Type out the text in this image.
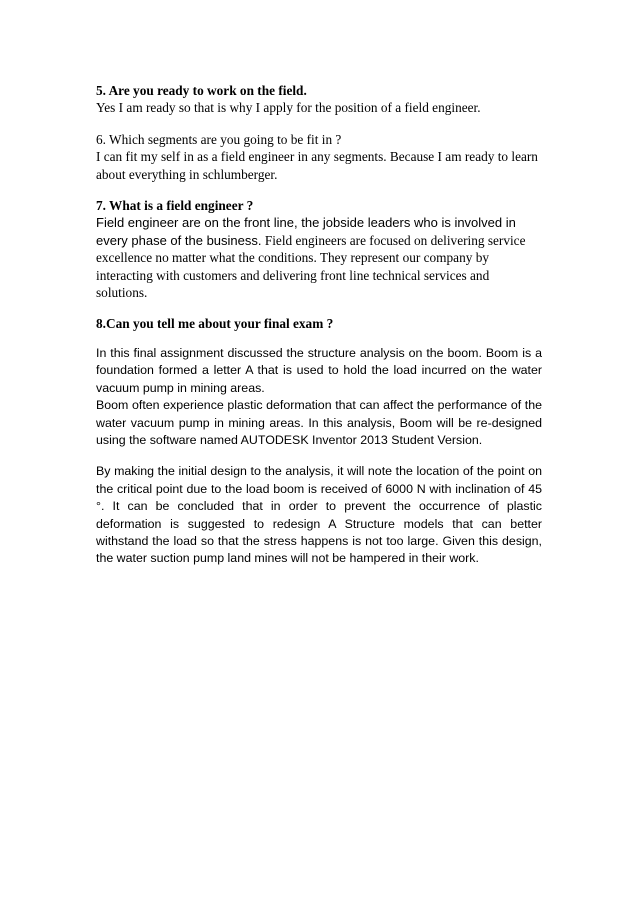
5. Are you ready to work on the field.

Yes I am ready so that is why I apply for the position of a field engineer.

6. Which segments are you going to be fit in ?

I can fit my self in as a field engineer in any segments. Because I am ready to learn about everything in schlumberger.

7. What is a field engineer ?

Field engineer are on the front line, the jobside leaders who is involved in every phase of the business. Field engineers are focused on delivering service excellence no matter what the conditions. They represent our company by interacting with customers and delivering front line technical services and solutions.

8.Can you tell me about your final exam ?

In this final assignment discussed the structure analysis on the boom. Boom is a foundation formed a letter A that is used to hold the load incurred on the water vacuum pump in mining areas.

Boom often experience plastic deformation that can affect the performance of the water vacuum pump in mining areas. In this analysis, Boom will be re-designed using the software named AUTODESK Inventor 2013 Student Version.

By making the initial design to the analysis, it will note the location of the point on the critical point due to the load boom is received of 6000 N with inclination of 45 °. It can be concluded that in order to prevent the occurrence of plastic deformation is suggested to redesign A Structure models that can better withstand the load so that the stress happens is not too large. Given this design, the water suction pump land mines will not be hampered in their work.
